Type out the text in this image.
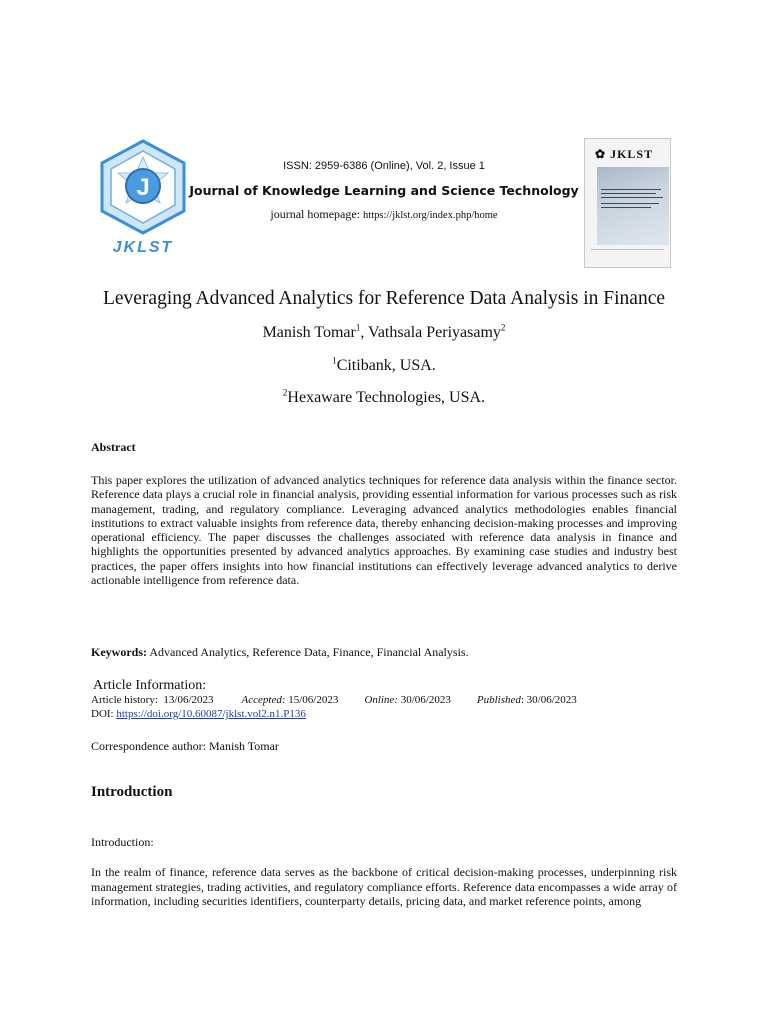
J
JKLST
ISSN: 2959-6386 (Online), Vol. 2, Issue 1
Journal of Knowledge Learning and Science Technology
journal homepage: https://jklst.org/index.php/home
✿ JKLST
Leveraging Advanced Analytics for Reference Data Analysis in Finance
Manish Tomar$^1$, Vathsala Periyasamy$^2$
$^1$Citibank, USA.
$^2$Hexaware Technologies, USA.
Abstract
This paper explores the utilization of advanced analytics techniques for reference data analysis within the finance sector. Reference data plays a crucial role in financial analysis, providing essential information for various processes such as risk management, trading, and regulatory compliance. Leveraging advanced analytics methodologies enables financial institutions to extract valuable insights from reference data, thereby enhancing decision-making processes and improving operational efficiency. The paper discusses the challenges associated with reference data analysis in finance and highlights the opportunities presented by advanced analytics approaches. By examining case studies and industry best practices, the paper offers insights into how financial institutions can effectively leverage advanced analytics to derive actionable intelligence from reference data.
Keywords: Advanced Analytics, Reference Data, Finance, Financial Analysis.
Article Information:
Article history: 13/06/2023	Accepted: 15/06/2023 Online: 30/06/2023 Published: 30/06/2023
DOI: https://doi.org/10.60087/jklst.vol2.n1.P136
Correspondence author: Manish Tomar
Introduction
Introduction:
In the realm of finance, reference data serves as the backbone of critical decision-making processes, underpinning risk management strategies, trading activities, and regulatory compliance efforts. Reference data encompasses a wide array of information, including securities identifiers, counterparty details, pricing data, and market reference points, among
